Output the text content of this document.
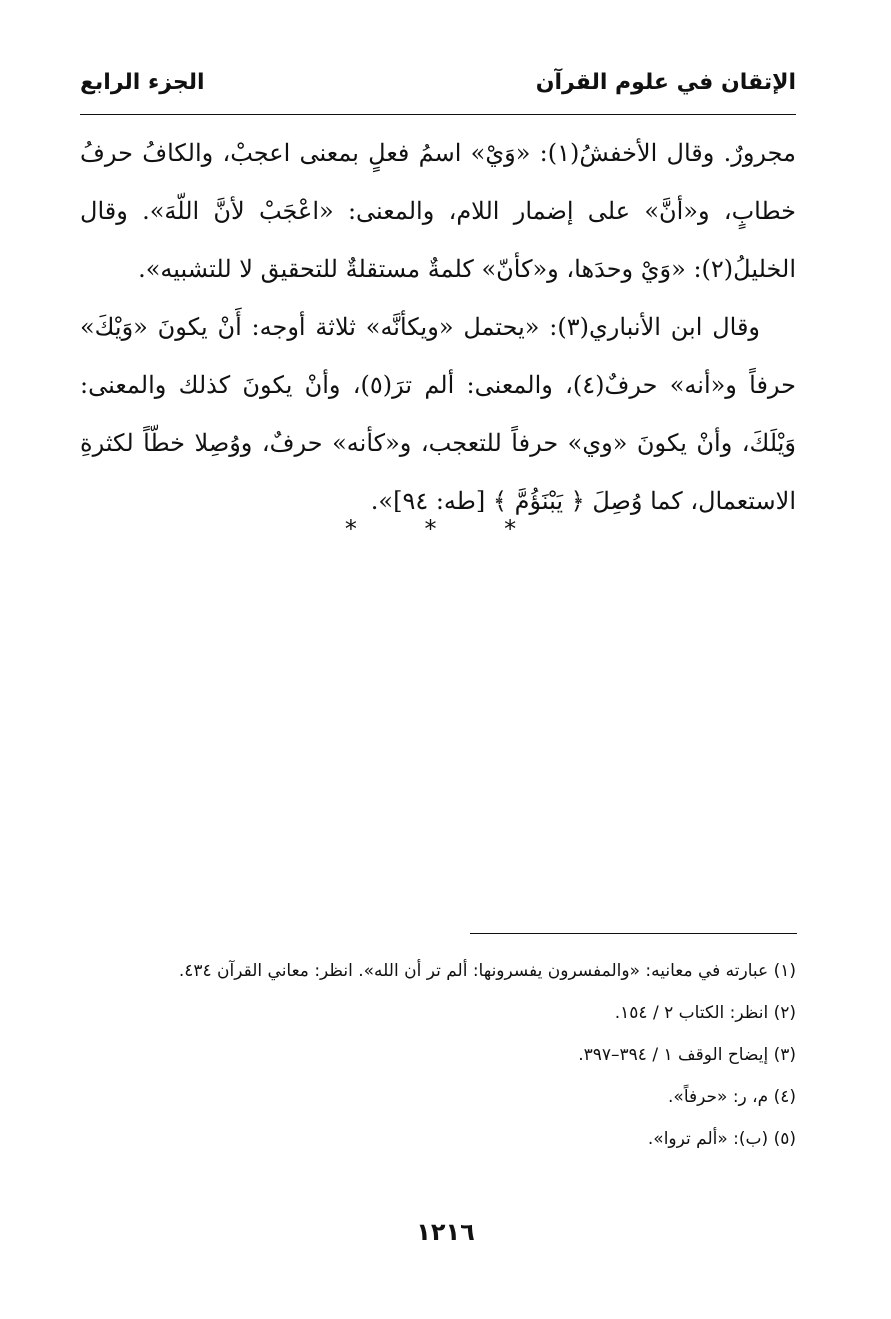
الإتقان في علوم القرآن
الجزء الرابع

مجرورٌ. وقال الأخفشُ(١): «وَيْ» اسمُ فعلٍ بمعنى اعجبْ، والكافُ حرفُ خطابٍ، و«أنَّ» على إضمار اللام، والمعنى: «اعْجَبْ لأنَّ اللّهَ». وقال الخليلُ(٢): «وَيْ وحدَها، و«كأنّ» كلمةٌ مستقلةٌ للتحقيق لا للتشبيه».

وقال ابن الأنباري(٣): «يحتمل «ويكأنَّه» ثلاثة أوجه: أَنْ يكونَ «وَيْكَ» حرفاً و«أنه» حرفٌ(٤)، والمعنى: ألم ترَ(٥)، وأنْ يكونَ كذلك والمعنى: وَيْلَكَ، وأنْ يكونَ «وي» حرفاً للتعجب، و«كأنه» حرفٌ، ووُصِلا خطّاً لكثرةِ الاستعمال، كما وُصِلَ ﴿ يَبْنَؤُمَّ ﴾ [طه: ٩٤]».

* * *

(١) عبارته في معانيه: «والمفسرون يفسرونها: ألم تر أن الله». انظر: معاني القرآن ٤٣٤.

(٢) انظر: الكتاب ٢ / ١٥٤.

(٣) إيضاح الوقف ١ / ٣٩٤–٣٩٧.

(٤) م، ر: «حرفاً».

(٥) (ب): «ألم تروا».

١٢١٦
